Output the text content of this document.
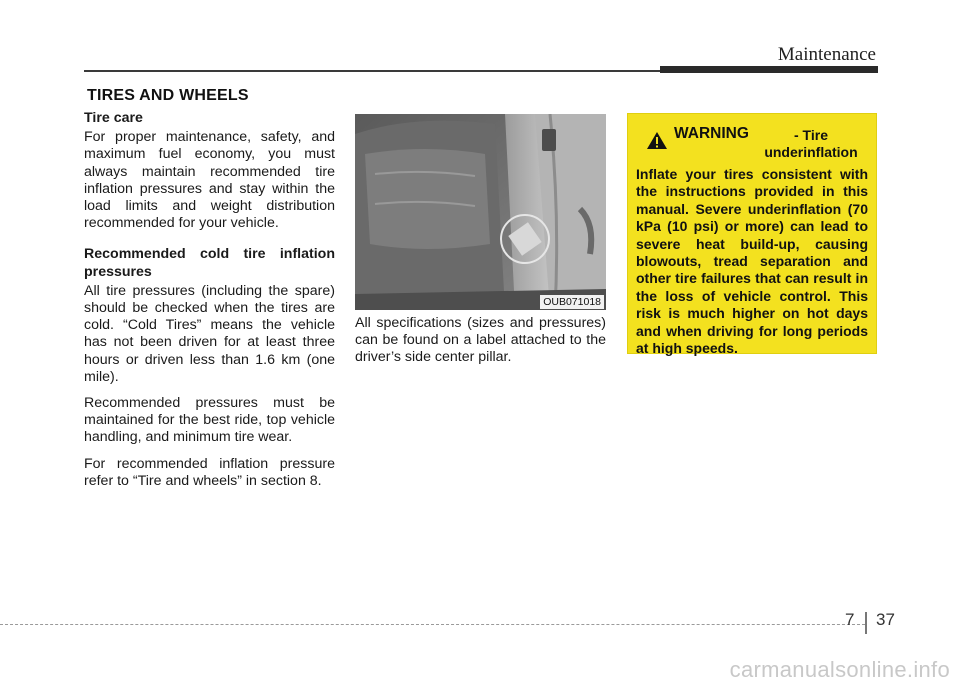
Maintenance
TIRES AND WHEELS
Tire care

For proper maintenance, safety, and maximum fuel economy, you must always maintain recommended tire inflation pressures and stay within the load limits and weight distribution recommended for your vehicle.

Recommended cold tire inflation pressures

All tire pressures (including the spare) should be checked when the tires are cold. “Cold Tires” means the vehicle has not been driven for at least three hours or driven less than 1.6 km (one mile).

Recommended pressures must be maintained for the best ride, top vehicle handling, and minimum tire wear.

For recommended inflation pressure refer to “Tire and wheels” in section 8.

OUB071018
All specifications (sizes and pressures) can be found on a label attached to the driver’s side center pillar.
WARNING	- Tire underinflation
Inflate your tires consistent with the instructions provided in this manual. Severe underinflation (70 kPa (10 psi) or more) can lead to severe heat build-up, causing blowouts, tread separation and other tire failures that can result in the loss of vehicle control. This risk is much higher on hot days and when driving for long periods at high speeds.
7 37
carmanualsonline.info
